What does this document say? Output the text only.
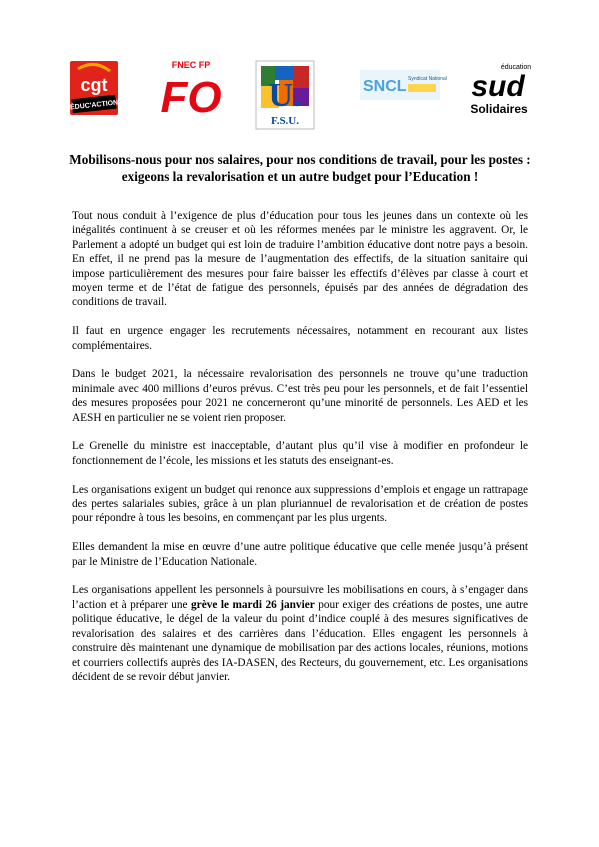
cgt
ÉDUC'ACTION
FNEC FP
FO U.
F.S.U.
SNCL Syndicat National
éducation
sud
Solidaires
Mobilisons-nous pour nos salaires, pour nos conditions de travail, pour les postes : exigeons la revalorisation et un autre budget pour l’Education !

Tout nous conduit à l’exigence de plus d’éducation pour tous les jeunes dans un contexte où les inégalités continuent à se creuser et où les réformes menées par le ministre les aggravent. Or, le Parlement a adopté un budget qui est loin de traduire l’ambition éducative dont notre pays a besoin. En effet, il ne prend pas la mesure de l’augmentation des effectifs, de la situation sanitaire qui impose particulièrement des mesures pour faire baisser les effectifs d’élèves par classe à court et moyen terme et de l’état de fatigue des personnels, épuisés par des années de dégradation des conditions de travail.

Il faut en urgence engager les recrutements nécessaires, notamment en recourant aux listes complémentaires.

Dans le budget 2021, la nécessaire revalorisation des personnels ne trouve qu’une traduction minimale avec 400 millions d’euros prévus. C’est très peu pour les personnels, et de fait l’essentiel des mesures proposées pour 2021 ne concerneront qu’une minorité de personnels. Les AED et les AESH en particulier ne se voient rien proposer.

Le Grenelle du ministre est inacceptable, d’autant plus qu’il vise à modifier en profondeur le fonctionnement de l’école, les missions et les statuts des enseignant-es.

Les organisations exigent un budget qui renonce aux suppressions d’emplois et engage un rattrapage des pertes salariales subies, grâce à un plan pluriannuel de revalorisation et de création de postes pour répondre à tous les besoins, en commençant par les plus urgents.

Elles demandent la mise en œuvre d’une autre politique éducative que celle menée jusqu’à présent par le Ministre de l’Education Nationale.

Les organisations appellent les personnels à poursuivre les mobilisations en cours, à s’engager dans l’action et à préparer une grève le mardi 26 janvier pour exiger des créations de postes, une autre politique éducative, le dégel de la valeur du point d’indice couplé à des mesures significatives de revalorisation des salaires et des carrières dans l’éducation. Elles engagent les personnels à construire dès maintenant une dynamique de mobilisation par des actions locales, réunions, motions et courriers collectifs auprès des IA-DASEN, des Recteurs, du gouvernement, etc. Les organisations décident de se revoir début janvier.
